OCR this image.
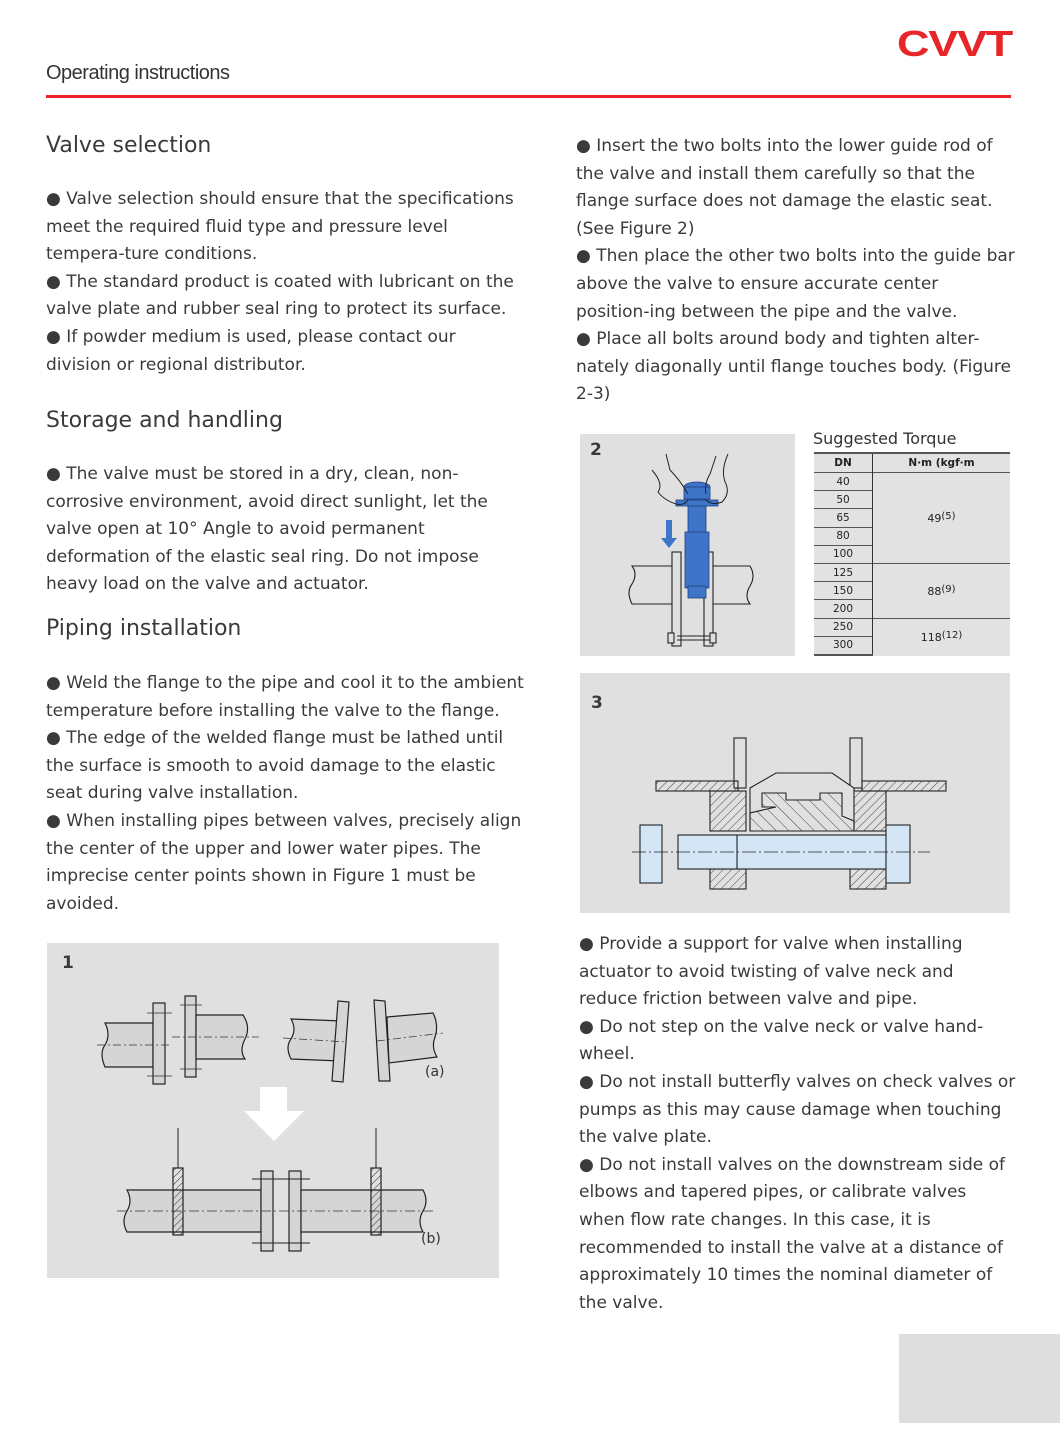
CVVT
Operating instructions
Valve selection
● Valve selection should ensure that the specifications meet the required fluid type and pressure level tempera-ture conditions.
● The standard product is coated with lubricant on the valve plate and rubber seal ring to protect its surface.
● If powder medium is used, please contact our division or regional distributor.
Storage and handling
● The valve must be stored in a dry, clean, non-corrosive environment, avoid direct sunlight, let the valve open at 10° Angle to avoid permanent deformation of the elastic seal ring. Do not impose heavy load on the valve and actuator.
Piping installation
● Weld the flange to the pipe and cool it to the ambient temperature before installing the valve to the flange.
● The edge of the welded flange must be lathed until the surface is smooth to avoid damage to the elastic seat during valve installation.
● When installing pipes between valves, precisely align the center of the upper and lower water pipes. The imprecise center points shown in Figure 1 must be avoided.
1
(a)
(b)
● Insert the two bolts into the lower guide rod of the valve and install them carefully so that the flange surface does not damage the elastic seat. (See Figure 2)
● Then place the other two bolts into the guide bar above the valve to ensure accurate center position-ing between the pipe and the valve.
● Place all bolts around body and tighten alter-nately diagonally until flange touches body. (Figure 2-3)
2
Suggested Torque
DN	N·m (kgf·m
40	49$^{(5)}$
50	
65	
80	
100	
125	88$^{(9)}$
150	
200	
250	118$^{(12)}$
300	
3
● Provide a support for valve when installing actuator to avoid twisting of valve neck and reduce friction between valve and pipe.
● Do not step on the valve neck or valve hand-wheel.
● Do not install butterfly valves on check valves or pumps as this may cause damage when touching the valve plate.
● Do not install valves on the downstream side of elbows and tapered pipes, or calibrate valves when flow rate changes. In this case, it is recommended to install the valve at a distance of approximately 10 times the nominal diameter of the valve.
